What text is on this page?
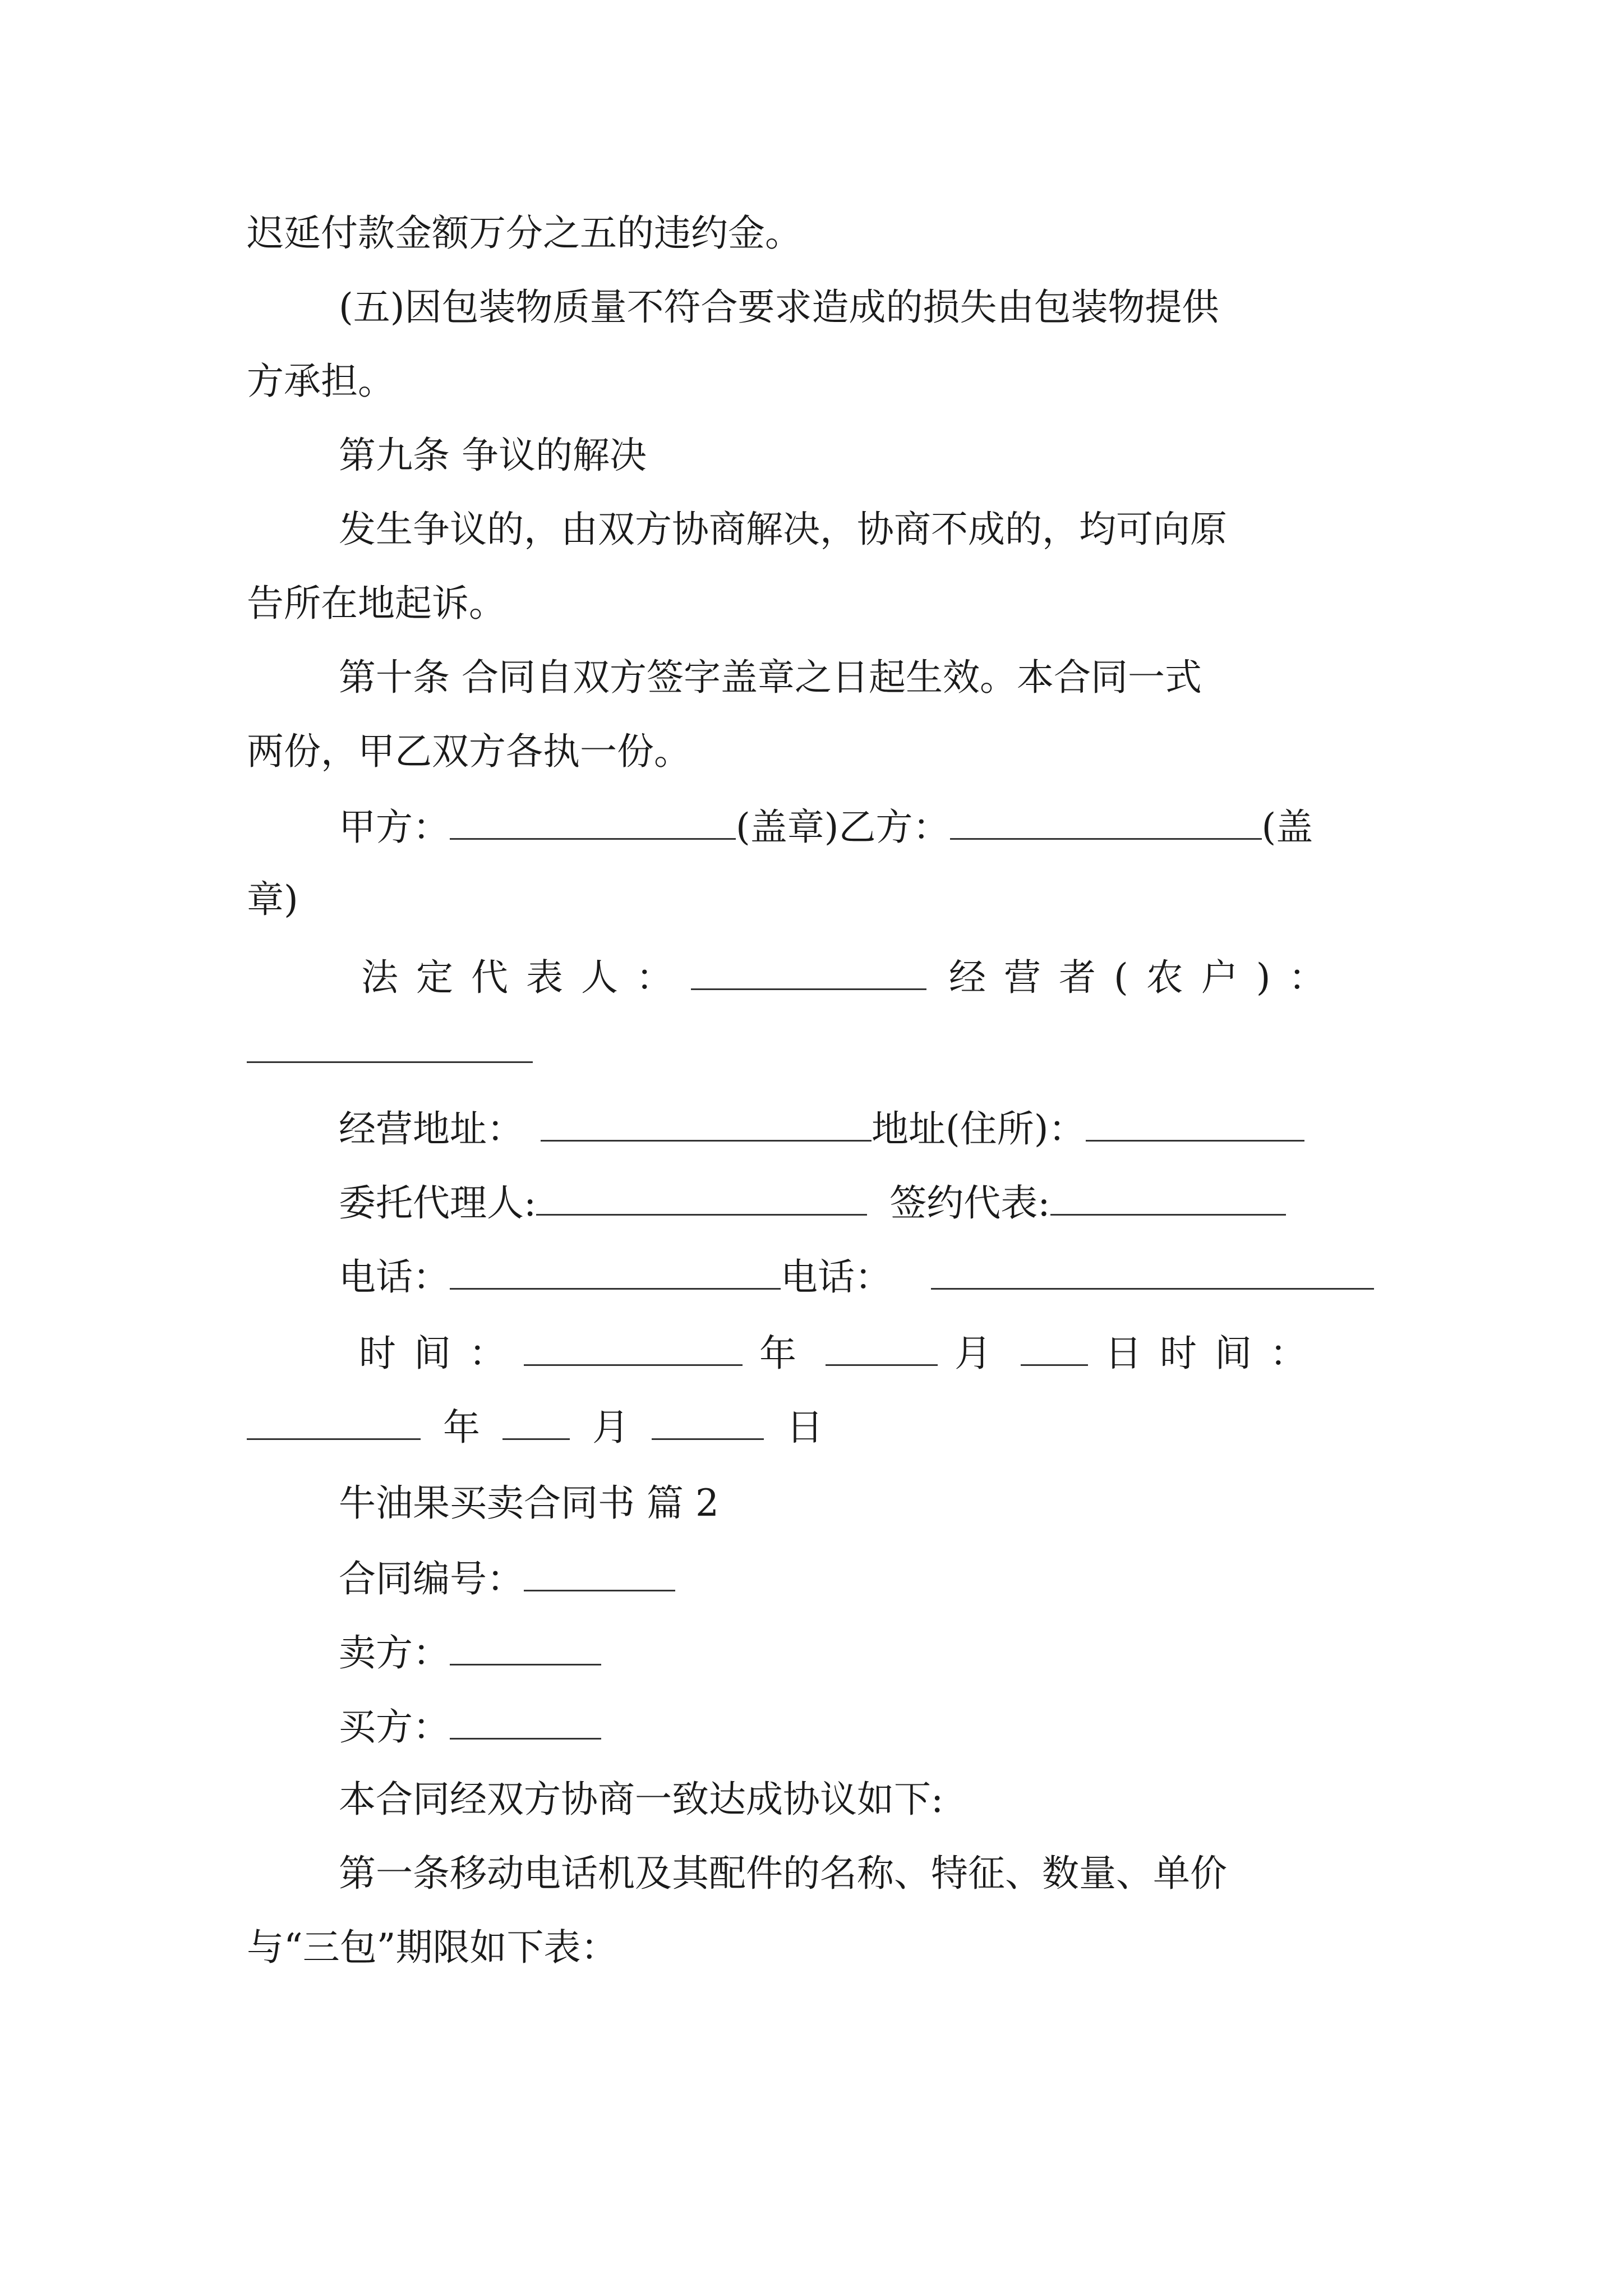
迟延付款金额万分之五的违约金。
(五)因包装物质量不符合要求造成的损失由包装物提供
方承担。
第九条 争议的解决
发生争议的，由双方协商解决，协商不成的，均可向原
告所在地起诉。
第十条 合同自双方签字盖章之日起生效。本合同一式
两份，甲乙双方各执一份。
甲方：	(盖章)乙方：	(盖
章)
法定代表人：	经营者(农户)：
经营地址：	地址(住所)：
委托代理人:	签约代表:
电话：	电话：
时间：	年	月	日时间：
年	月	日
牛油果买卖合同书 篇 2
合同编号：
卖方：
买方：
本合同经双方协商一致达成协议如下:
第一条移动电话机及其配件的名称、特征、数量、单价
与“三包”期限如下表：
